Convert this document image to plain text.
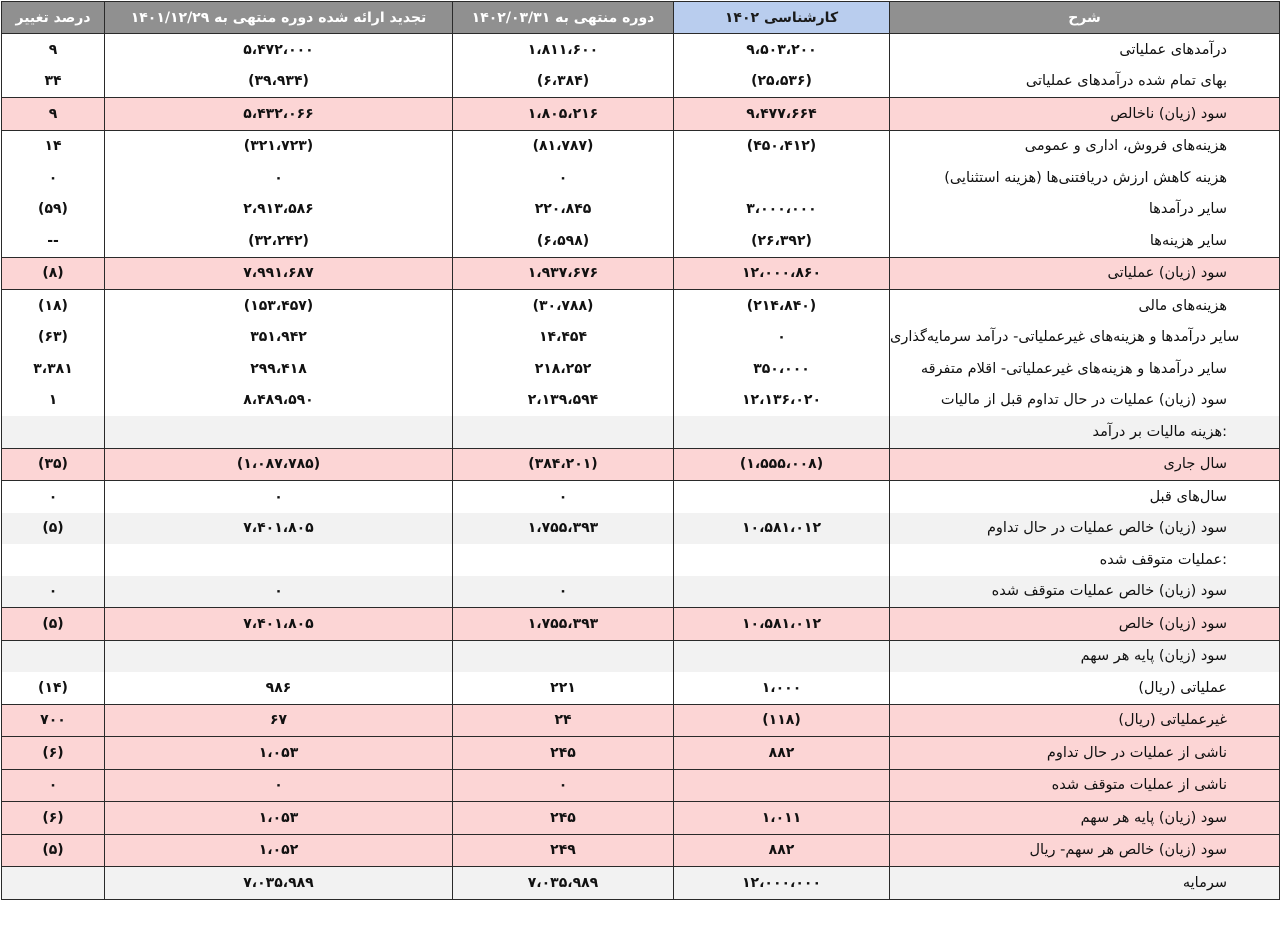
درصد تغییر	تجدید ارائه شده دوره منتهی به ۱۴۰۱/۱۲/۲۹	دوره منتهی به ۱۴۰۲/۰۳/۳۱	کارشناسی ۱۴۰۲	شرح
۹	۵،۴۷۲،۰۰۰	۱،۸۱۱،۶۰۰	۹،۵۰۳،۲۰۰	درآمدهای عملیاتی
۳۴	(۳۹،۹۳۴)	(۶،۳۸۴)	(۲۵،۵۳۶)	بهای تمام شده درآمدهای عملیاتی
۹	۵،۴۳۲،۰۶۶	۱،۸۰۵،۲۱۶	۹،۴۷۷،۶۶۴	سود (زیان) ناخالص
۱۴	(۳۲۱،۷۲۳)	(۸۱،۷۸۷)	(۴۵۰،۴۱۲)	هزینه‌های فروش، اداری و عمومی
۰	۰	۰		هزینه کاهش ارزش دریافتنی‌ها (هزینه استثنایی)
(۵۹)	۲،۹۱۳،۵۸۶	۲۲۰،۸۴۵	۳،۰۰۰،۰۰۰	سایر درآمدها
--	(۳۲،۲۴۲)	(۶،۵۹۸)	(۲۶،۳۹۲)	سایر هزینه‌ها
(۸)	۷،۹۹۱،۶۸۷	۱،۹۳۷،۶۷۶	۱۲،۰۰۰،۸۶۰	سود (زیان) عملیاتی
(۱۸)	(۱۵۳،۴۵۷)	(۳۰،۷۸۸)	(۲۱۴،۸۴۰)	هزینه‌های مالی
(۶۳)	۳۵۱،۹۴۲	۱۴،۴۵۴	۰	سایر درآمدها و هزینه‌های غیرعملیاتی- درآمد سرمایه‌گذاری
۳،۳۸۱	۲۹۹،۴۱۸	۲۱۸،۲۵۲	۳۵۰،۰۰۰	سایر درآمدها و هزینه‌های غیرعملیاتی- اقلام متفرقه
۱	۸،۴۸۹،۵۹۰	۲،۱۳۹،۵۹۴	۱۲،۱۳۶،۰۲۰	سود (زیان) عملیات در حال تداوم قبل از مالیات
				هزینه مالیات بر درآمد:
(۳۵)	(۱،۰۸۷،۷۸۵)	(۳۸۴،۲۰۱)	(۱،۵۵۵،۰۰۸)	سال جاری
۰	۰	۰		سال‌های قبل
(۵)	۷،۴۰۱،۸۰۵	۱،۷۵۵،۳۹۳	۱۰،۵۸۱،۰۱۲	سود (زیان) خالص عملیات در حال تداوم
				عملیات متوقف شده:
۰	۰	۰		سود (زیان) خالص عملیات متوقف شده
(۵)	۷،۴۰۱،۸۰۵	۱،۷۵۵،۳۹۳	۱۰،۵۸۱،۰۱۲	سود (زیان) خالص
				سود (زیان) پایه هر سهم
(۱۴)	۹۸۶	۲۲۱	۱،۰۰۰	عملیاتی (ریال)
۷۰۰	۶۷	۲۴	(۱۱۸)	غیرعملیاتی (ریال)
(۶)	۱،۰۵۳	۲۴۵	۸۸۲	ناشی از عملیات در حال تداوم
۰	۰	۰		ناشی از عملیات متوقف شده
(۶)	۱،۰۵۳	۲۴۵	۱،۰۱۱	سود (زیان) پایه هر سهم
(۵)	۱،۰۵۲	۲۴۹	۸۸۲	سود (زیان) خالص هر سهم- ریال
	۷،۰۳۵،۹۸۹	۷،۰۳۵،۹۸۹	۱۲،۰۰۰،۰۰۰	سرمایه
